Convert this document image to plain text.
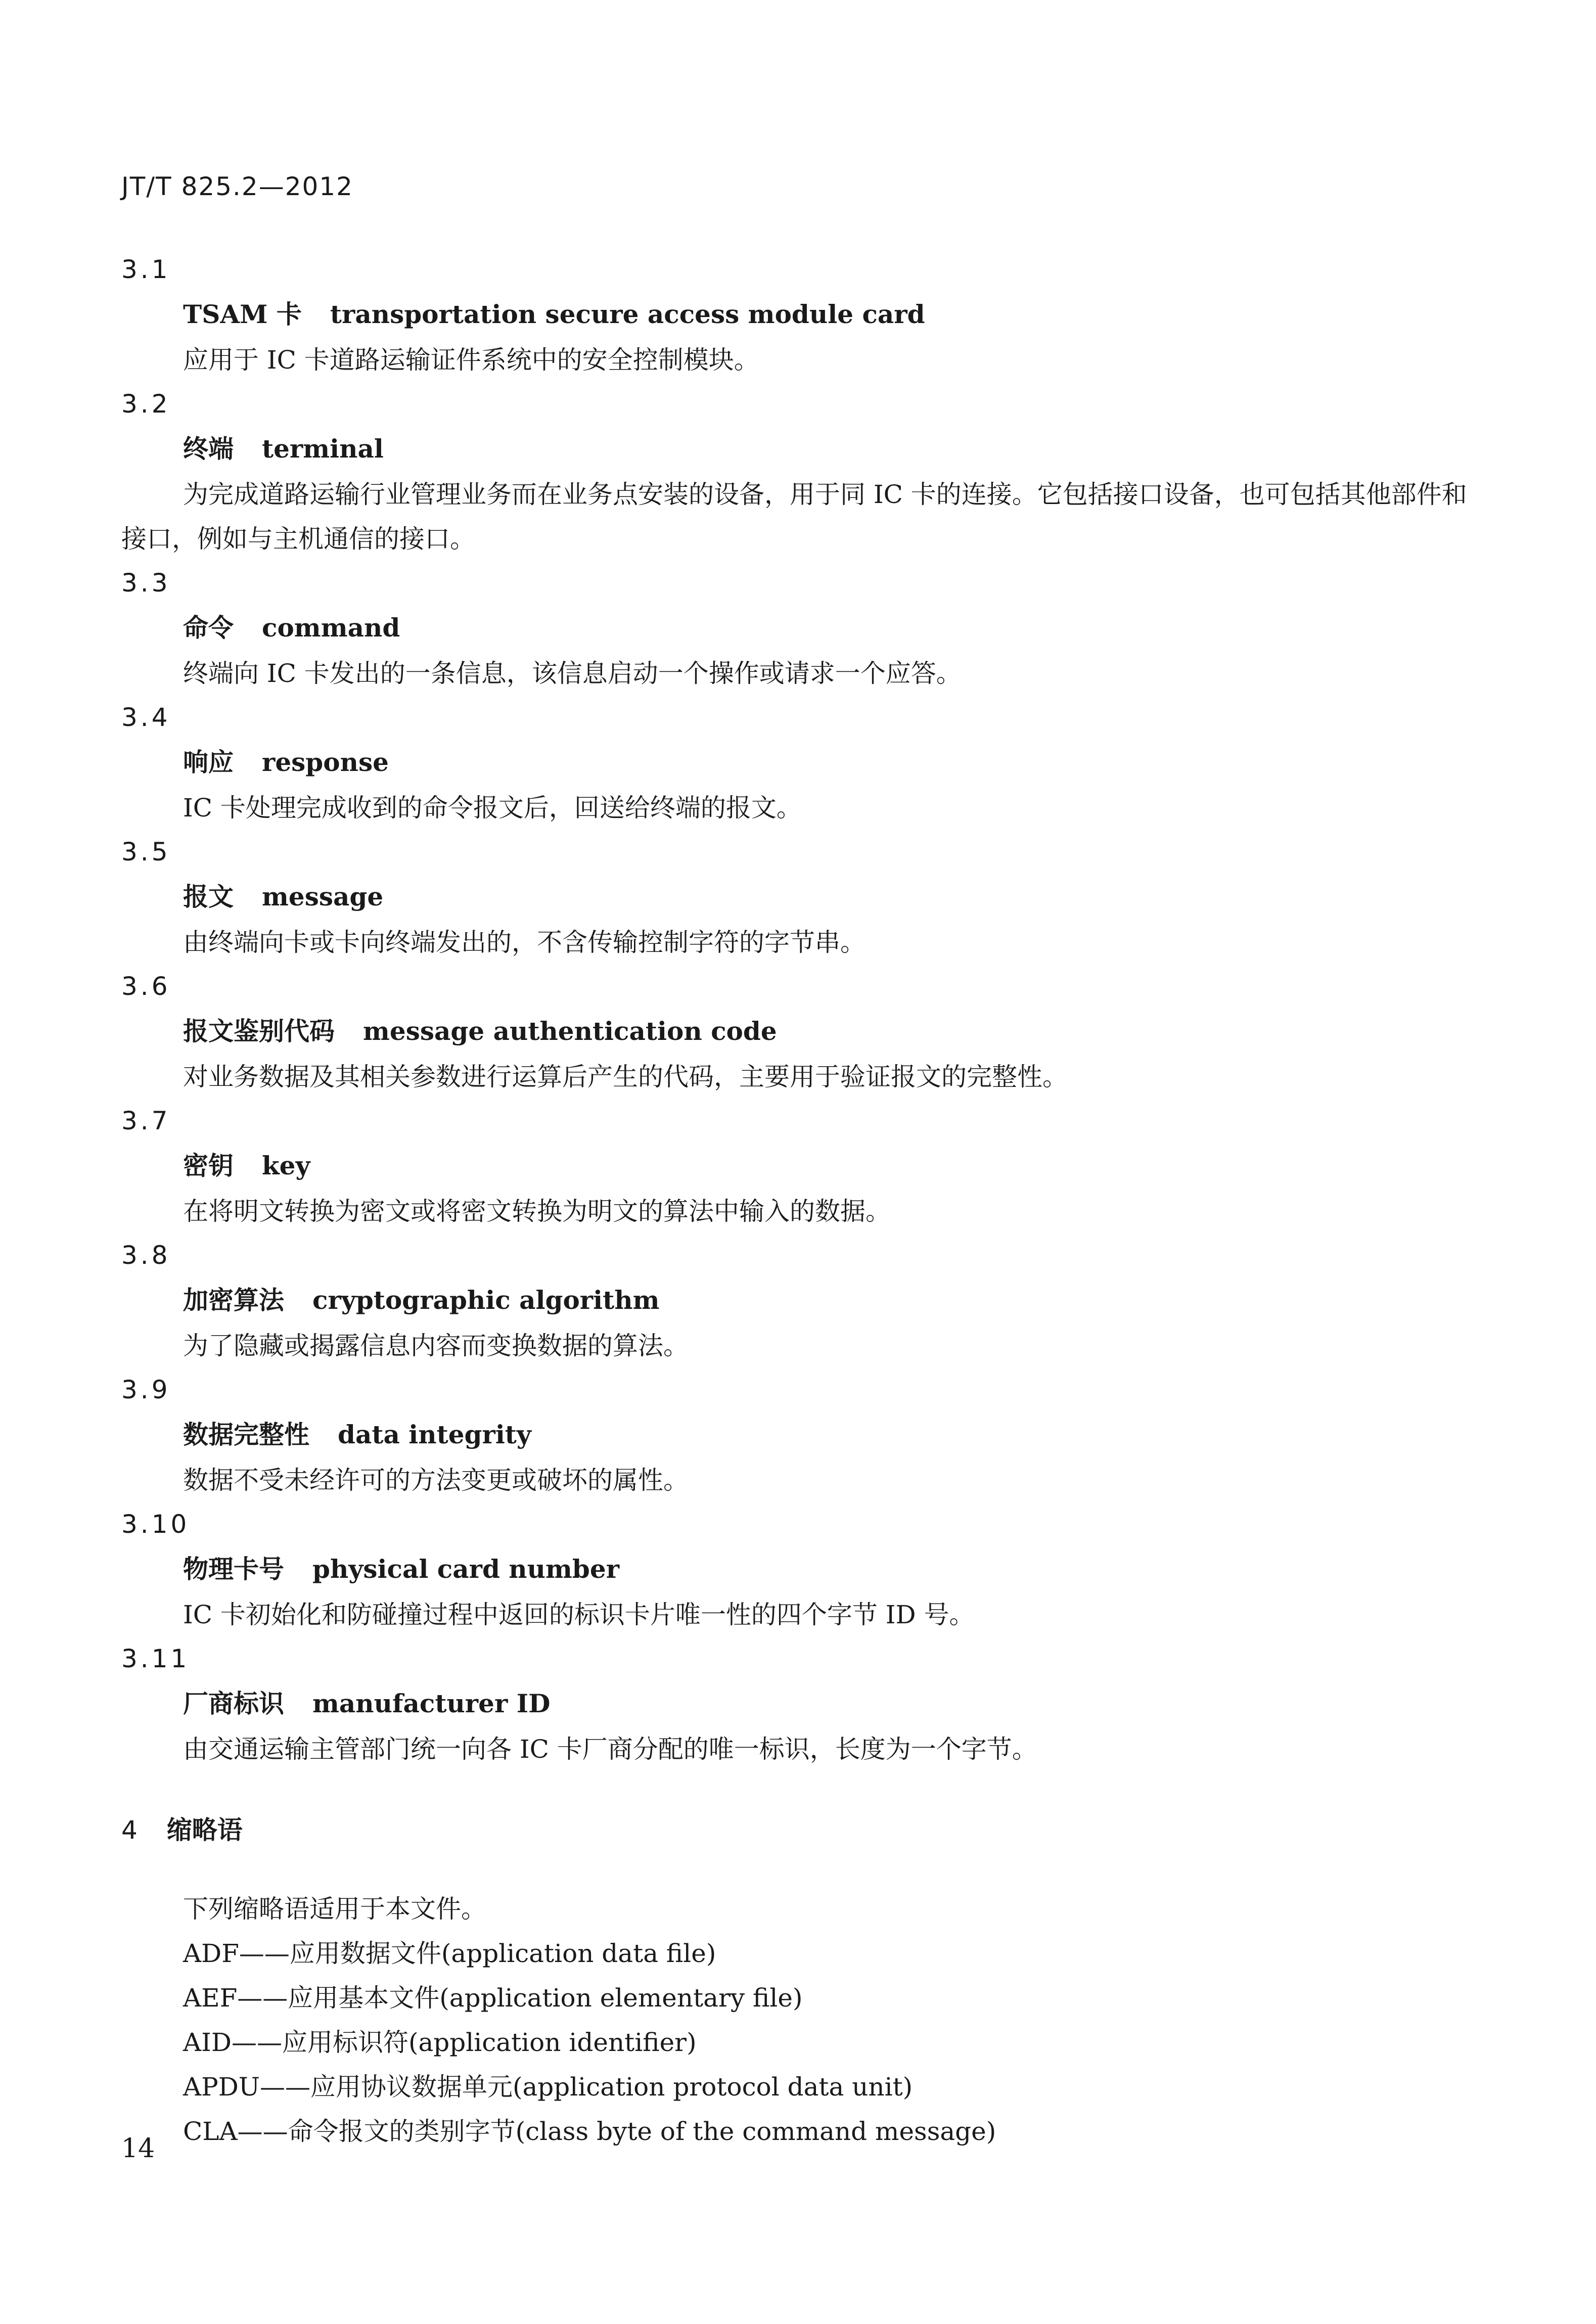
JT/T 825.2—2012
3.1
TSAM 卡 transportation secure access module card
应用于 IC 卡道路运输证件系统中的安全控制模块。
3.2
终端 terminal
为完成道路运输行业管理业务而在业务点安装的设备，用于同 IC 卡的连接。它包括接口设备，也可包括其他部件和接口，例如与主机通信的接口。
3.3
命令 command
终端向 IC 卡发出的一条信息，该信息启动一个操作或请求一个应答。
3.4
响应 response
IC 卡处理完成收到的命令报文后，回送给终端的报文。
3.5
报文 message
由终端向卡或卡向终端发出的，不含传输控制字符的字节串。
3.6
报文鉴别代码 message authentication code
对业务数据及其相关参数进行运算后产生的代码，主要用于验证报文的完整性。
3.7
密钥 key
在将明文转换为密文或将密文转换为明文的算法中输入的数据。
3.8
加密算法 cryptographic algorithm
为了隐藏或揭露信息内容而变换数据的算法。
3.9
数据完整性 data integrity
数据不受未经许可的方法变更或破坏的属性。
3.10
物理卡号 physical card number
IC 卡初始化和防碰撞过程中返回的标识卡片唯一性的四个字节 ID 号。
3.11
厂商标识 manufacturer ID
由交通运输主管部门统一向各 IC 卡厂商分配的唯一标识，长度为一个字节。
4 缩略语
下列缩略语适用于本文件。
ADF——应用数据文件(application data file)
AEF——应用基本文件(application elementary file)
AID——应用标识符(application identifier)
APDU——应用协议数据单元(application protocol data unit)
CLA——命令报文的类别字节(class byte of the command message)
14
